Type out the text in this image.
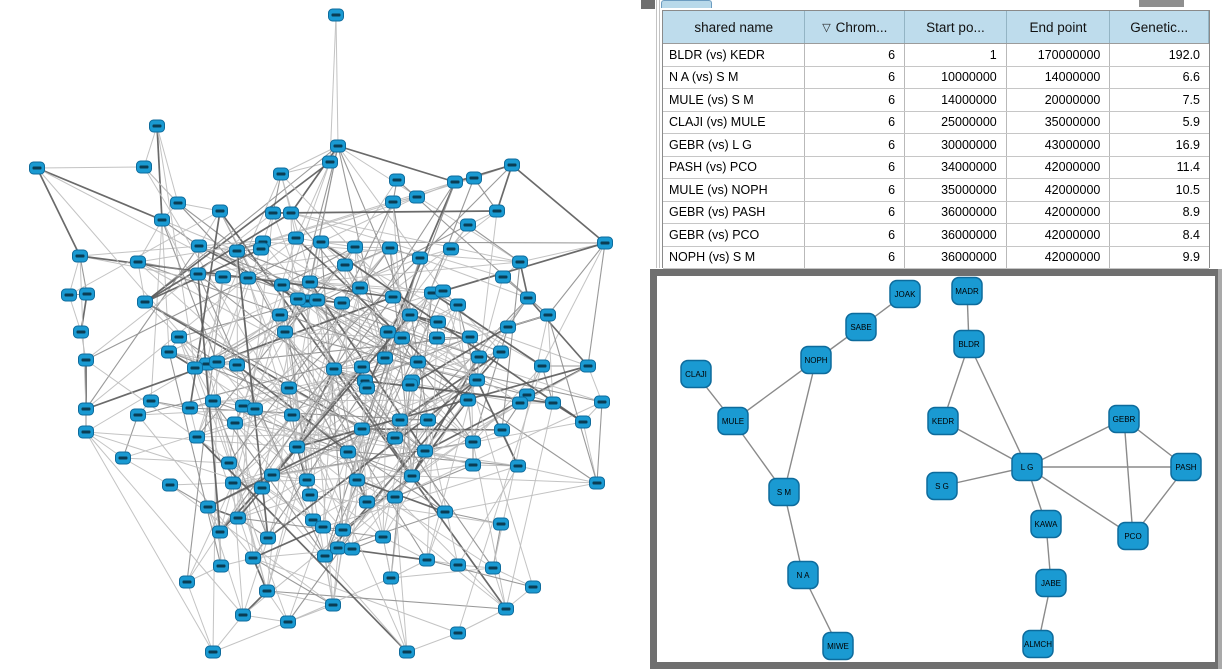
shared name	▽ Chrom...	Start po...	End point	Genetic...
BLDR (vs) KEDR	6	1	170000000	192.0
N A (vs) S M	6	10000000	14000000	6.6
MULE (vs) S M	6	14000000	20000000	7.5
CLAJI (vs) MULE	6	25000000	35000000	5.9
GEBR (vs) L G	6	30000000	43000000	16.9
PASH (vs) PCO	6	34000000	42000000	11.4
MULE (vs) NOPH	6	35000000	42000000	10.5
GEBR (vs) PASH	6	36000000	42000000	8.9
GEBR (vs) PCO	6	36000000	42000000	8.4
NOPH (vs) S M	6	36000000	42000000	9.9
JOAK	MADR
SABE
NOPH
CLAJI
MULE
BLDR
KEDR	GEBR
L G	PASH
S G
S M
KAWA
PCO
N A
JABE
MIWE	ALMCH
